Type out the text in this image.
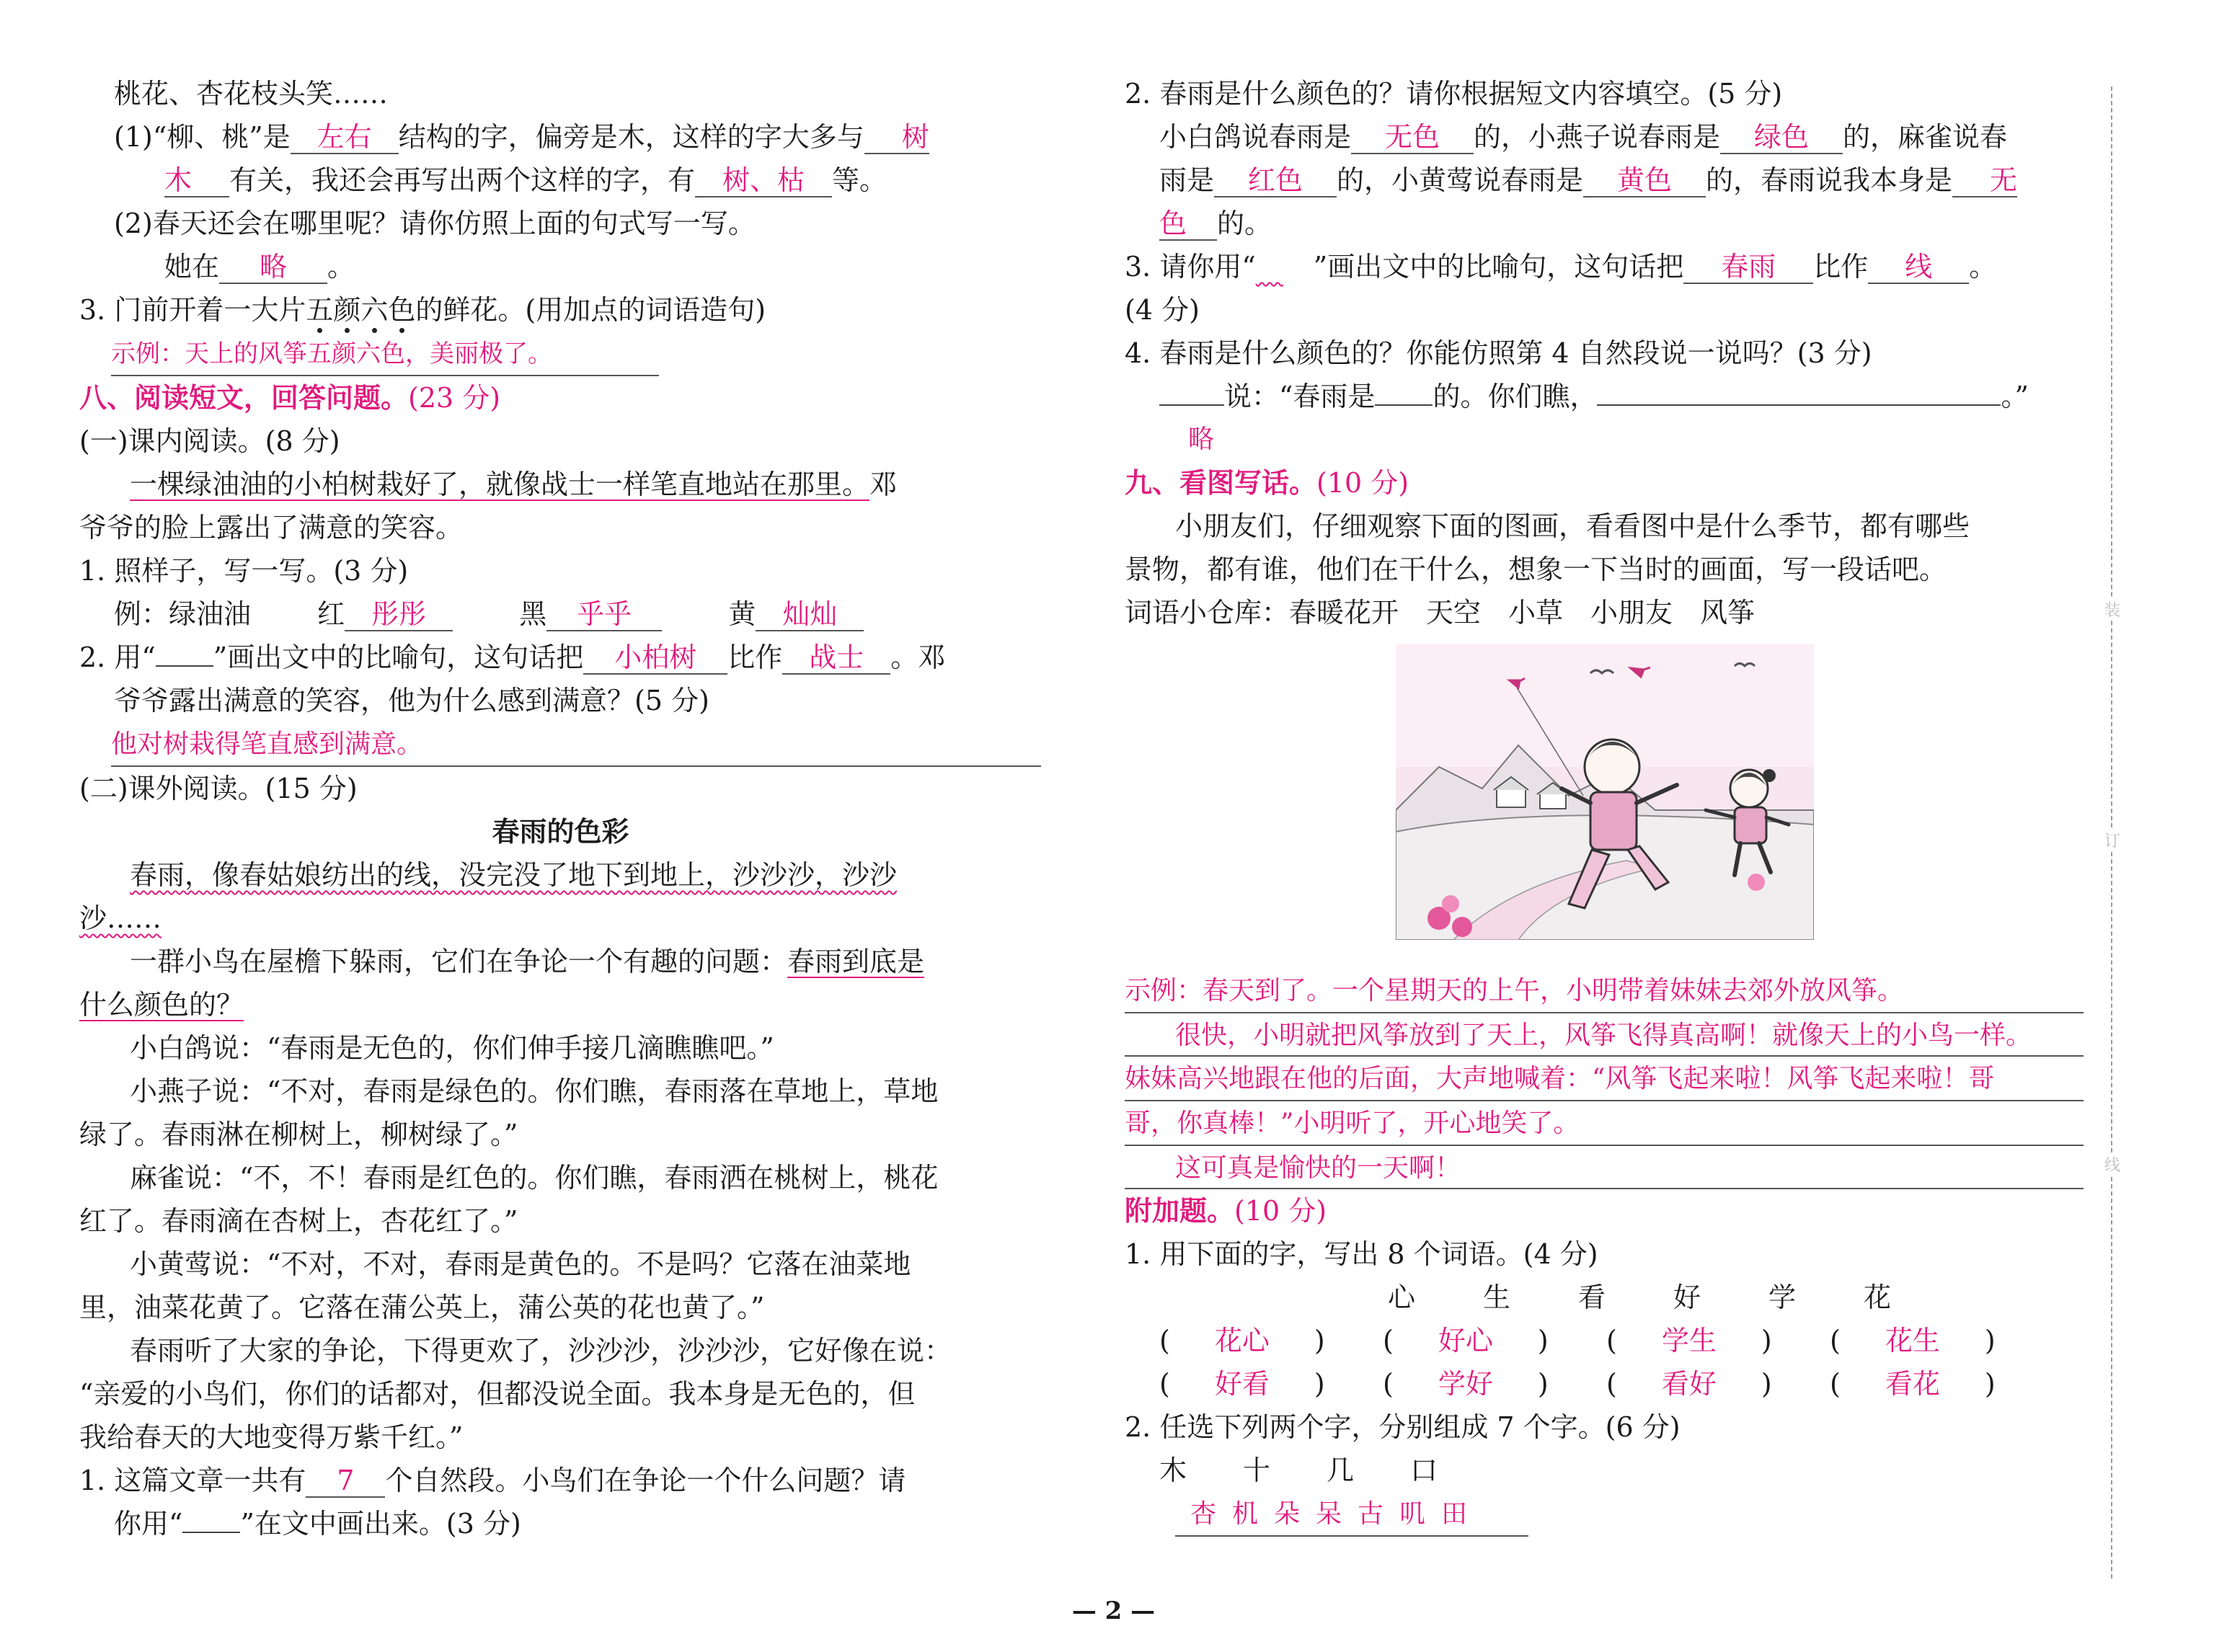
桃花、杏花枝头笑……
(1)“柳、桃”是 左右 结构的字，偏旁是木，这样的字大多与 树
木 有关，我还会再写出两个这样的字，有 树、枯 等。
(2)春天还会在哪里呢？请你仿照上面的句式写一写。
她在 略 。
3. 门前开着一大片五颜六色的鲜花。(用加点的词语造句)
示例：天上的风筝五颜六色，美丽极了。
八、阅读短文，回答问题。(23 分)
(一)课内阅读。(8 分)
一棵绿油油的小柏树栽好了，就像战士一样笔直地站在那里。邓
爷爷的脸上露出了满意的笑容。
1. 照样子，写一写。(3 分)
例：绿油油 红 彤彤	黑 乎乎	黄 灿灿
2. 用“ ”画出文中的比喻句，这句话把 小柏树 比作 战士 。邓
爷爷露出满意的笑容，他为什么感到满意？(5 分)
他对树栽得笔直感到满意。
(二)课外阅读。(15 分)
春雨的色彩
春雨，像春姑娘纺出的线，没完没了地下到地上，沙沙沙，沙沙
沙……
一群小鸟在屋檐下躲雨，它们在争论一个有趣的问题：春雨到底是
什么颜色的？
小白鸽说：“春雨是无色的，你们伸手接几滴瞧瞧吧。”
小燕子说：“不对，春雨是绿色的。你们瞧，春雨落在草地上，草地
绿了。春雨淋在柳树上，柳树绿了。”
麻雀说：“不，不！春雨是红色的。你们瞧，春雨洒在桃树上，桃花
红了。春雨滴在杏树上，杏花红了。”
小黄莺说：“不对，不对，春雨是黄色的。不是吗？它落在油菜地
里，油菜花黄了。它落在蒲公英上，蒲公英的花也黄了。”
春雨听了大家的争论，下得更欢了，沙沙沙，沙沙沙，它好像在说：
“亲爱的小鸟们，你们的话都对，但都没说全面。我本身是无色的，但
我给春天的大地变得万紫千红。”
1. 这篇文章一共有 7 个自然段。小鸟们在争论一个什么问题？请
你用“ ”在文中画出来。(3 分)
2. 春雨是什么颜色的？请你根据短文内容填空。(5 分)
小白鸽说春雨是 无色 的，小燕子说春雨是 绿色 的，麻雀说春
雨是 红色 的，小黄莺说春雨是 黄色 的，春雨说我本身是 无
色 的。
3. 请你用“ ”画出文中的比喻句，这句话把 春雨 比作 线 。
(4 分)
4. 春雨是什么颜色的？你能仿照第 4 自然段说一说吗？(3 分)
说：“春雨是 的。你们瞧，	。”
略
九、看图写话。(10 分)
小朋友们，仔细观察下面的图画，看看图中是什么季节，都有哪些
景物，都有谁，他们在干什么，想象一下当时的画面，写一段话吧。
词语小仓库：春暖花开　天空　小草　小朋友　风筝
示例：春天到了。一个星期天的上午，小明带着妹妹去郊外放风筝。
很快，小明就把风筝放到了天上，风筝飞得真高啊！就像天上的小鸟一样。
妹妹高兴地跟在他的后面，大声地喊着：“风筝飞起来啦！风筝飞起来啦！哥
哥，你真棒！”小明听了，开心地笑了。
这可真是愉快的一天啊！
附加题。(10 分)
1. 用下面的字，写出 8 个词语。(4 分)
心 生 看 好 学 花
( 花心 ) ( 好心 ) ( 学生 ) ( 花生 )
( 好看 ) ( 学好 ) ( 看好 ) ( 看花 )
2. 任选下列两个字，分别组成 7 个字。(6 分)
木 十 几 口
杏 机 朵 呆 古 叽 田
装
订
线
— 2 —
